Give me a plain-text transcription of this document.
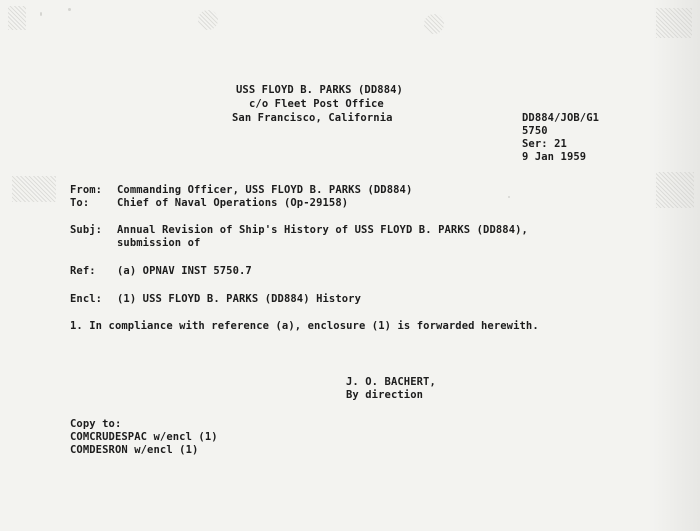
USS FLOYD B. PARKS (DD884)
c/o Fleet Post Office
San Francisco, California	DD884/JOB/G1
5750
Ser: 21
9 Jan 1959
From: Commanding Officer, USS FLOYD B. PARKS (DD884)
To:	Chief of Naval Operations (Op-29158)
Subj: Annual Revision of Ship's History of USS FLOYD B. PARKS (DD884),
submission of
Ref: (a) OPNAV INST 5750.7
Encl: (1) USS FLOYD B. PARKS (DD884) History
1. In compliance with reference (a), enclosure (1) is forwarded herewith.
J. O. BACHERT,
By direction
Copy to:
COMCRUDESPAC w/encl (1)
COMDESRON w/encl (1)
